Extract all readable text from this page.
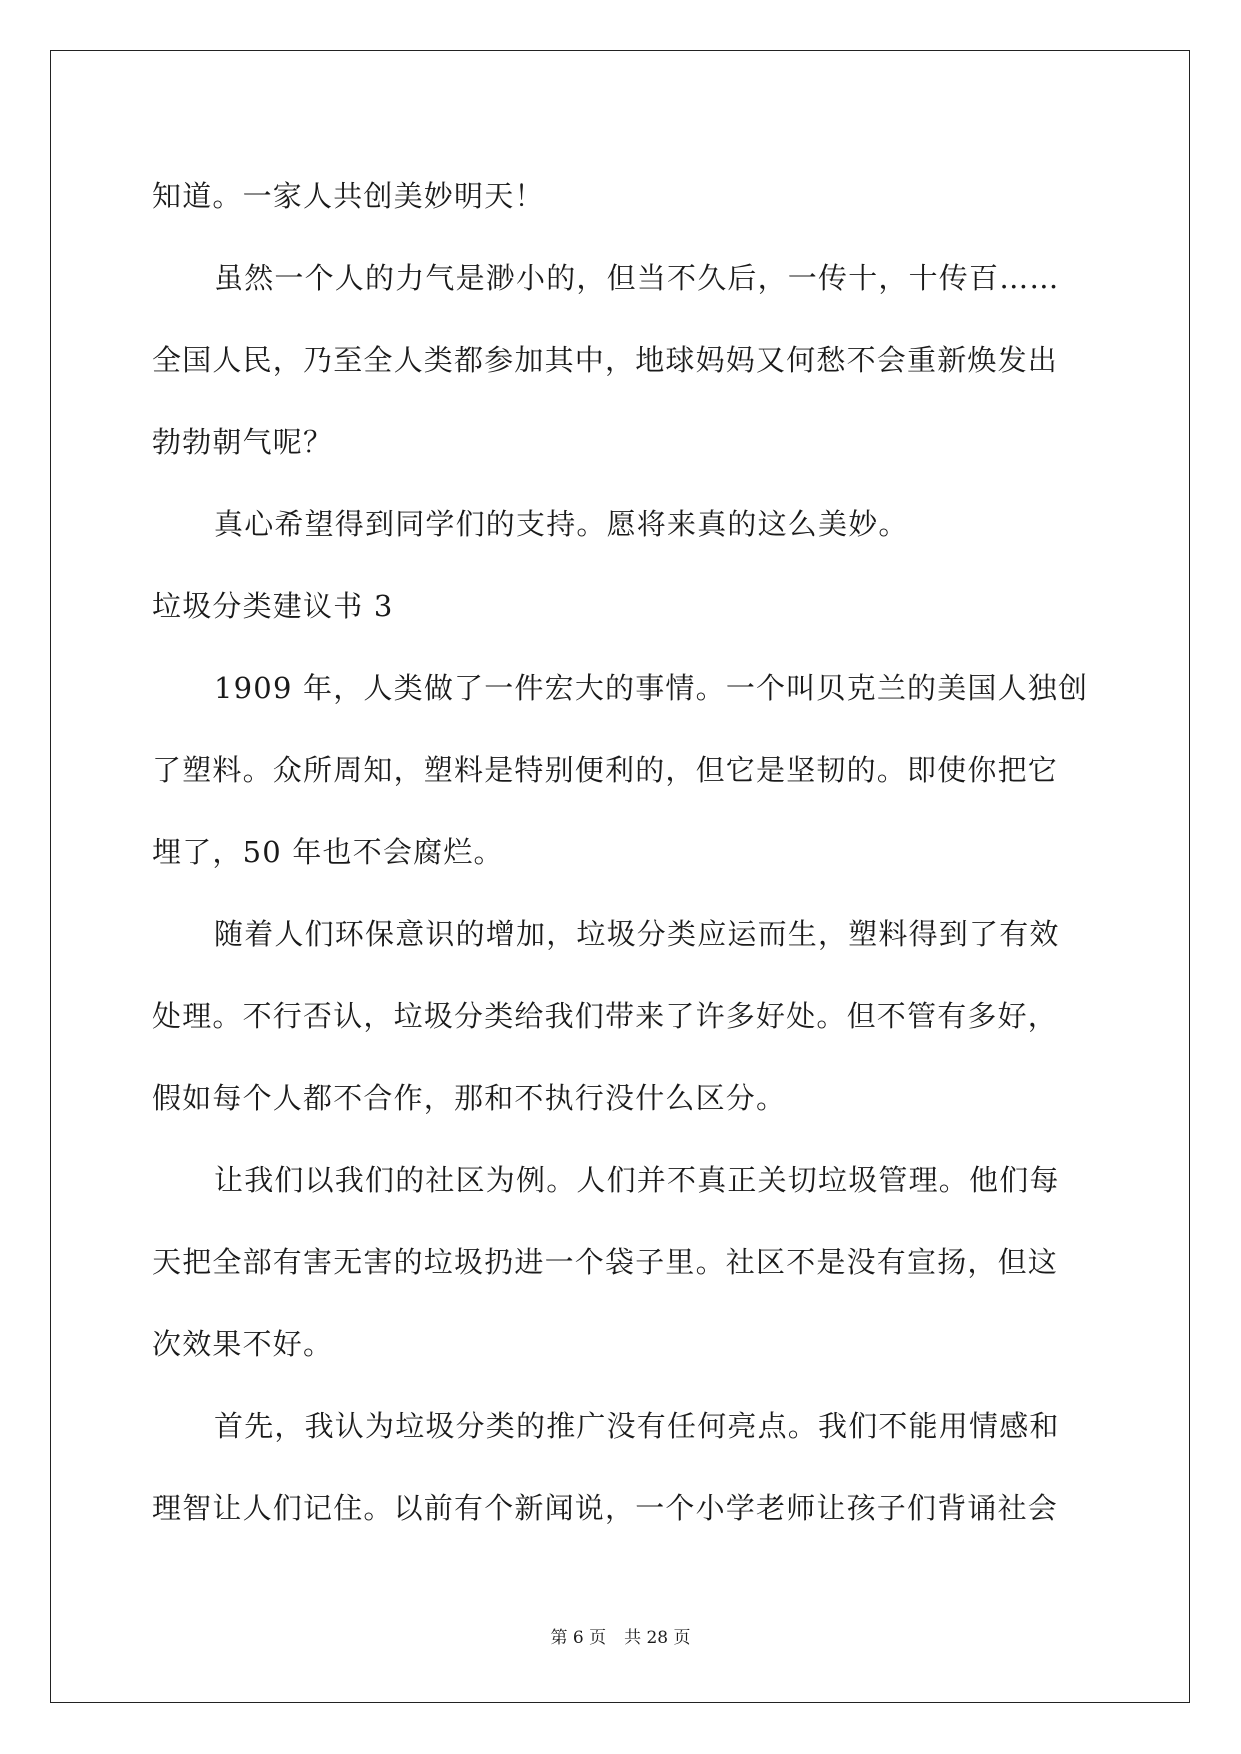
知道。一家人共创美妙明天！
虽然一个人的力气是渺小的，但当不久后，一传十，十传百……
全国人民，乃至全人类都参加其中，地球妈妈又何愁不会重新焕发出
勃勃朝气呢？
真心希望得到同学们的支持。愿将来真的这么美妙。
垃圾分类建议书 3
1909 年，人类做了一件宏大的事情。一个叫贝克兰的美国人独创
了塑料。众所周知，塑料是特别便利的，但它是坚韧的。即使你把它
埋了，50 年也不会腐烂。
随着人们环保意识的增加，垃圾分类应运而生，塑料得到了有效
处理。不行否认，垃圾分类给我们带来了许多好处。但不管有多好，
假如每个人都不合作，那和不执行没什么区分。
让我们以我们的社区为例。人们并不真正关切垃圾管理。他们每
天把全部有害无害的垃圾扔进一个袋子里。社区不是没有宣扬，但这
次效果不好。
首先，我认为垃圾分类的推广没有任何亮点。我们不能用情感和
理智让人们记住。以前有个新闻说，一个小学老师让孩子们背诵社会
第 6 页 共 28 页
